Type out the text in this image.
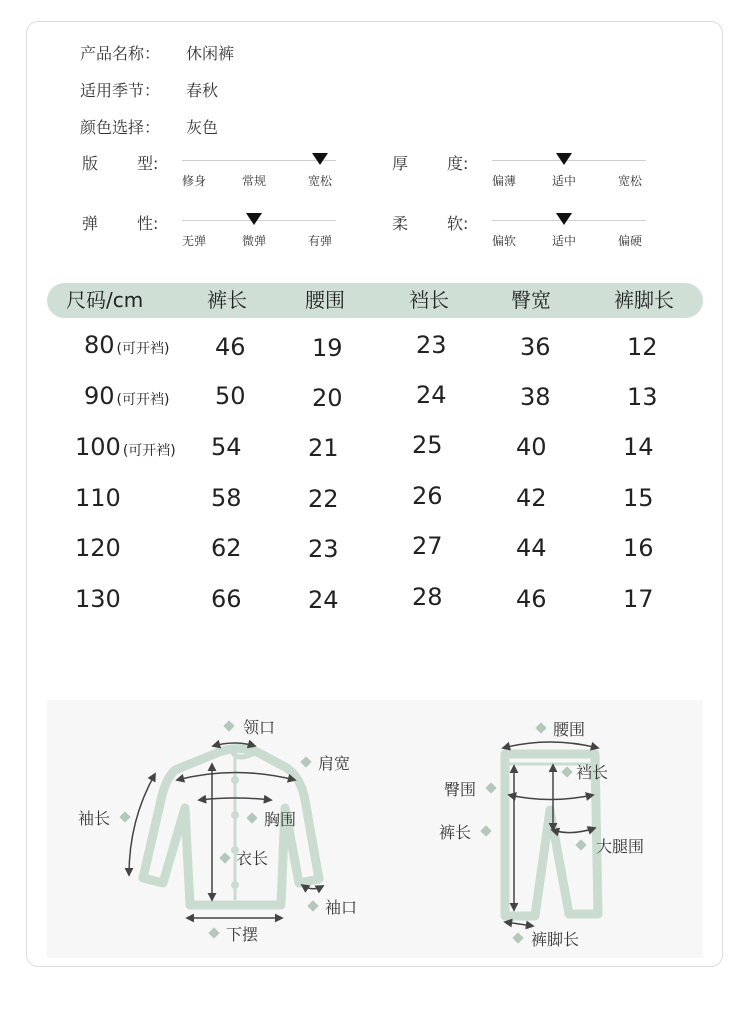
产品名称： 休闲裤
适用季节： 春秋
颜色选择： 灰色
版 型:
修身	常规	宽松
厚 度:
偏薄	适中	宽松
弹 性:
无弹	微弹	有弹
柔 软:
偏软	适中	偏硬
尺码/cm	裤长	腰围	裆长	臀宽	裤脚长
80 (可开裆) 46	19	23	36	12
90 (可开裆) 50	20	24	38	13
100 (可开裆) 54	21	25	40	14
110	58	22	26	42	15
120	62	23	27	44	16
130	66	24	28	46	17
领口
肩宽
袖长	胸围
衣长
袖口
下摆
腰围
裆长
臀围
裤长
大腿围
裤脚长
